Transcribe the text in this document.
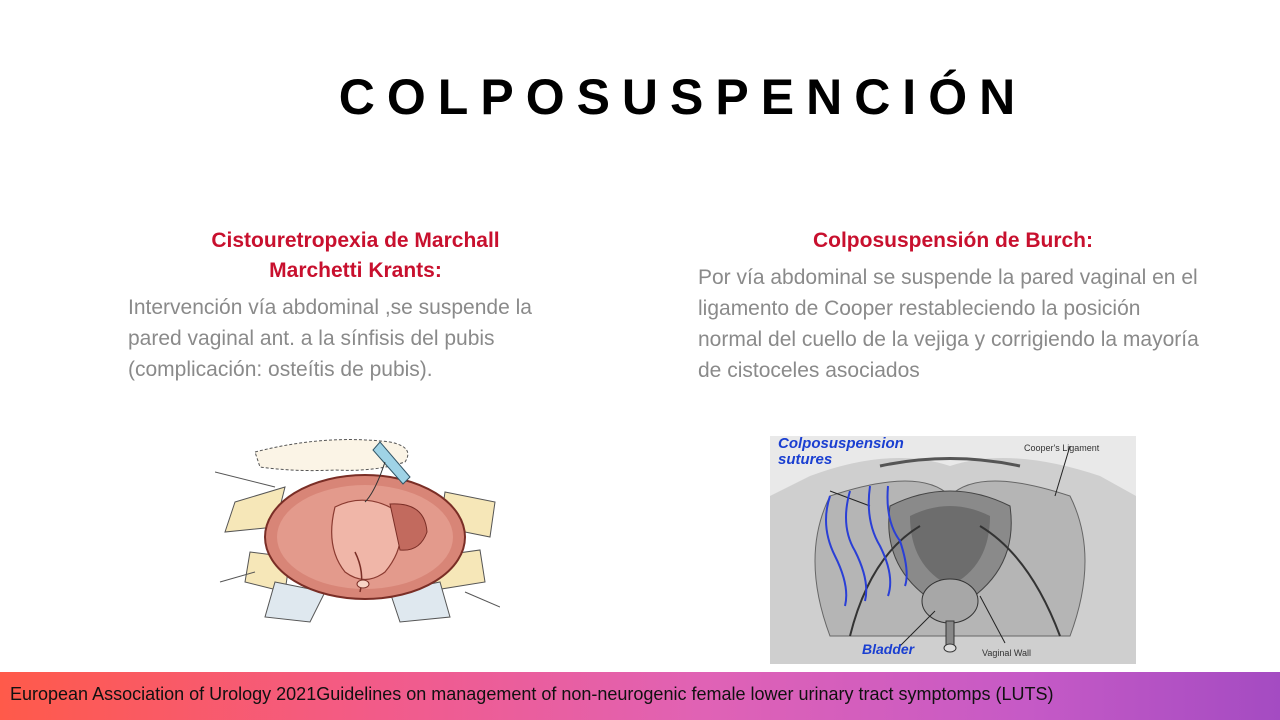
COLPOSUSPENCIÓN

Cistouretropexia de Marchall
Marchetti Krants:

Intervención vía abdominal ,se suspende la pared vaginal ant. a la sínfisis del pubis (complicación: osteítis de pubis).

Colposuspensión de Burch:

Por vía abdominal se suspende la pared vaginal en el ligamento de Cooper restableciendo la posición normal del cuello de la vejiga y corrigiendo la mayoría de cistoceles asociados

Colposuspension
sutures
Cooper's Ligament
Bladder	Vaginal Wall
European Association of Urology 2021Guidelines on management of non-neurogenic female lower urinary tract symptomps (LUTS)
